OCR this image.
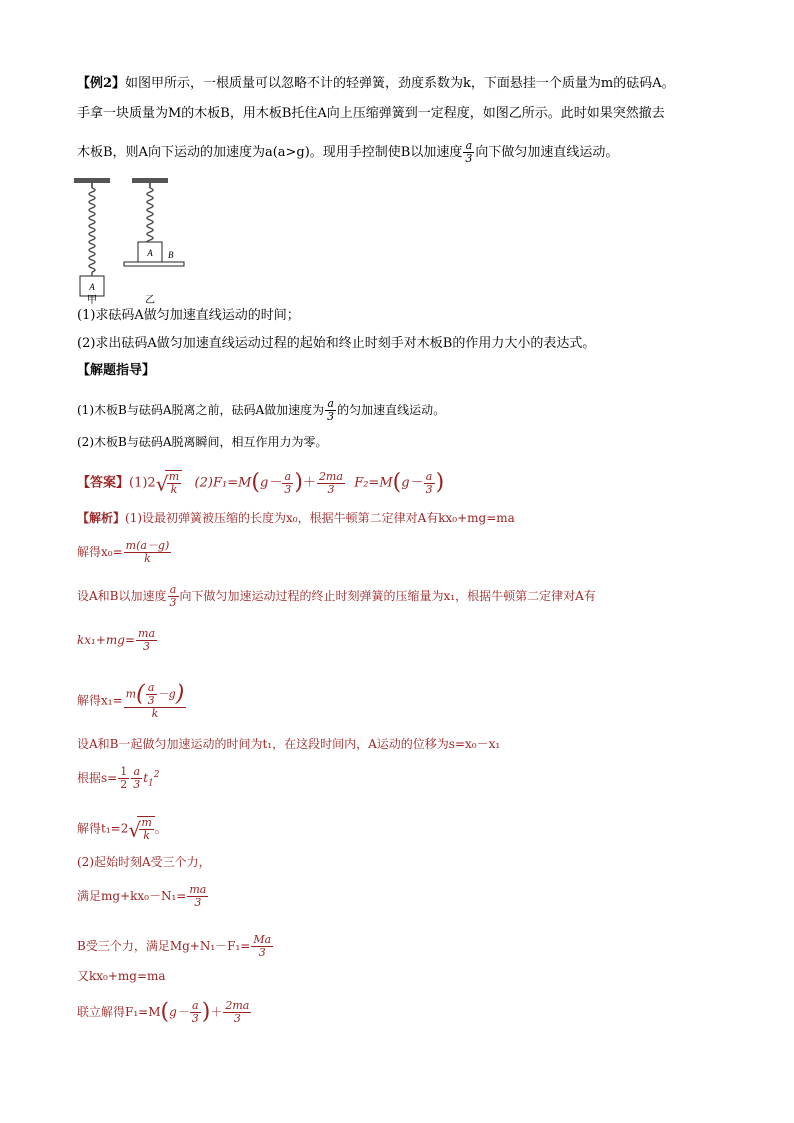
【例2】如图甲所示，一根质量可以忽略不计的轻弹簧，劲度系数为k，下面悬挂一个质量为m的砝码A。
手拿一块质量为M的木板B，用木板B托住A向上压缩弹簧到一定程度，如图乙所示。此时如果突然撤去
木板B，则A向下运动的加速度为a(a>g)。现用手控制使B以加速度 $\frac{a}{3}$ 向下做匀加速直线运动。
A
A B
甲	乙
(1)求砝码A做匀加速直线运动的时间；
(2)求出砝码A做匀加速直线运动过程的起始和终止时刻手对木板B的作用力大小的表达式。
【解题指导】
(1)木板B与砝码A脱离之前，砝码A做加速度为 $\frac{a}{3}$ 的匀加速直线运动。
(2)木板B与砝码A脱离瞬间，相互作用力为零。
【答案】(1)2 √
$\frac{m}{k} (2)F_1=M(g- \frac{a}{3}$ )＋ $\frac{2ma}{3} F_2=M(g- \frac{a}{3}$ )
【解析】(1)设最初弹簧被压缩的长度为x₀，根据牛顿第二定律对A有kx₀+mg=ma
解得$x_0= \frac{m(a-g)}{k}$
设A和B以加速度 $\frac{a}{3}$ 向下做匀加速运动过程的终止时刻弹簧的压缩量为x₁，根据牛顿第二定律对A有
$kx_1+mg= \frac{ma}{3}$
解得$x_1= \frac{m( \frac{a}{3} -g)}{k}$
设A和B一起做匀加速运动的时间为t₁，在这段时间内，A运动的位移为s=x₀－x₁
根据$s= \frac{1}{2} \frac{a}{3} t_1^2$
解得t₁=2 √
$\frac{m}{k}$ 。
(2)起始时刻A受三个力，
满足$mg+kx_0-N_1= \frac{ma}{3}$
B受三个力，满足$Mg+N_1-F_1= \frac{Ma}{3}$
又kx₀+mg=ma
联立解得$F_1=M(g- \frac{a}{3}$ )＋ $\frac{2ma}{3}$
